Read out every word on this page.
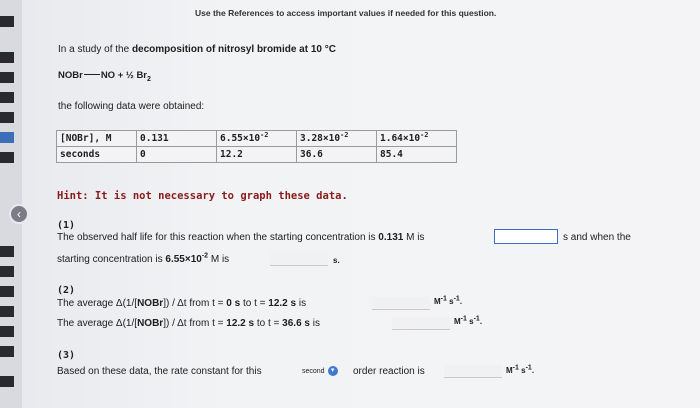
‹
Use the References to access important values if needed for this question.
In a study of the decomposition of nitrosyl bromide at 10 °C
NOBr NO + ½ $Br_2$
the following data were obtained:
[NOBr], M	0.131	$6.55\times 10^{-2}$	$3.28\times 10^{-2}$	$1.64\times 10^{-2}$
seconds	0	12.2	36.6	85.4
Hint: It is not necessary to graph these data.
(1)
The observed half life for this reaction when the starting concentration is 0.131 M is	s and when the
starting concentration is $6.55\times 10^{-2}$ M is	s.
(2)
The average Δ(1/[NOBr]) / Δt from t = 0 s to t = 12.2 s is	$M^{-1}$ $s^{-1}$.
The average Δ(1/[NOBr]) / Δt from t = 12.2 s to t = 36.6 s is	$M^{-1}$ $s^{-1}$.
(3)
Based on these data, the rate constant for this	second ▾	order reaction is	$M^{-1}$ $s^{-1}$.
